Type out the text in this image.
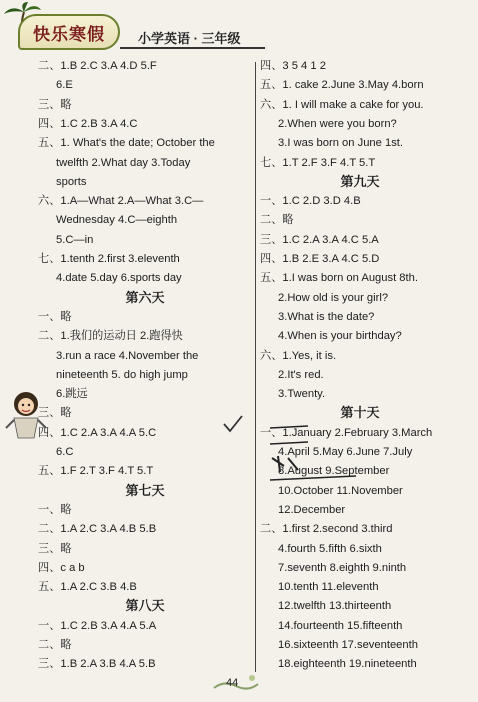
快乐寒假	小学英语 · 三年级
二、1.B 2.C 3.A 4.D 5.F
6.E
三、略
四、1.C 2.B 3.A 4.C
五、1. What's the date; October the
twelfth 2.What day 3.Today
sports
六、1.A—What 2.A—What 3.C—
Wednesday 4.C—eighth
5.C—in
七、1.tenth 2.first 3.eleventh
4.date 5.day 6.sports day
第六天
一、略
二、1.我们的运动日 2.跑得快
3.run a race 4.November the
nineteenth 5. do high jump
6.跳远
三、略
四、1.C 2.A 3.A 4.A 5.C
6.C
五、1.F 2.T 3.F 4.T 5.T
第七天
一、略
二、1.A 2.C 3.A 4.B 5.B
三、略
四、c a b
五、1.A 2.C 3.B 4.B
第八天
一、1.C 2.B 3.A 4.A 5.A
二、略
三、1.B 2.A 3.B 4.A 5.B
四、3 5 4 1 2
五、1. cake 2.June 3.May 4.born
六、1. I will make a cake for you.
2.When were you born?
3.I was born on June 1st.
七、1.T 2.F 3.F 4.T 5.T
第九天
一、1.C 2.D 3.D 4.B
二、略
三、1.C 2.A 3.A 4.C 5.A
四、1.B 2.E 3.A 4.C 5.D
五、1.I was born on August 8th.
2.How old is your girl?
3.What is the date?
4.When is your birthday?
六、1.Yes, it is.
2.It's red.
3.Twenty.
第十天
一、1.January 2.February 3.March
4.April 5.May 6.June 7.July
8.August 9.September
10.October 11.November
12.December
二、1.first 2.second 3.third
4.fourth 5.fifth 6.sixth
7.seventh 8.eighth 9.ninth
10.tenth 11.eleventh
12.twelfth 13.thirteenth
14.fourteenth 15.fifteenth
16.sixteenth 17.seventeenth
18.eighteenth 19.nineteenth
44
